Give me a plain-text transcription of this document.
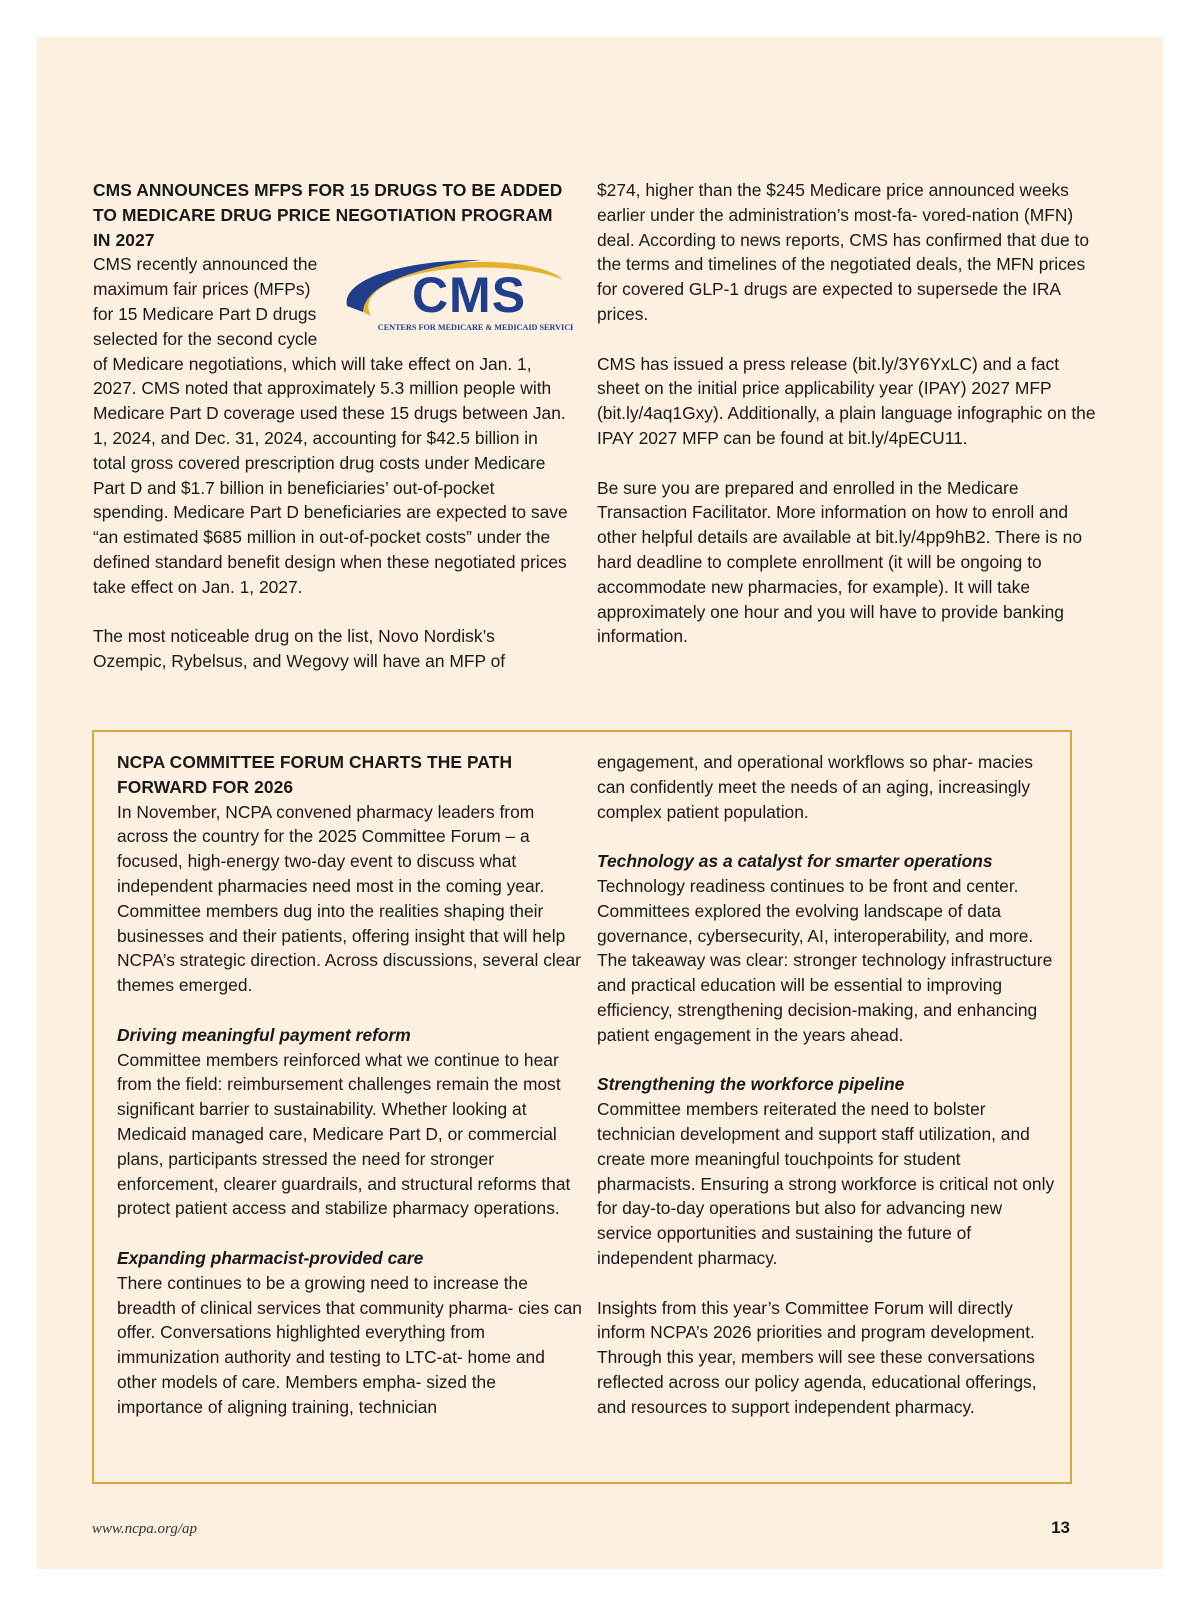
CMS ANNOUNCES MFPS FOR 15 DRUGS TO BE ADDED TO MEDICARE DRUG PRICE NEGOTIATION PROGRAM IN 2027

CMS
CENTERS FOR MEDICARE & MEDICAID SERVICES

CMS recently announced the maximum fair prices (MFPs) for 15 Medicare Part D drugs selected for the second cycle of Medicare negotiations, which will take effect on Jan. 1, 2027. CMS noted that approximately 5.3 million people with Medicare Part D coverage used these 15 drugs between Jan. 1, 2024, and Dec. 31, 2024, accounting for $42.5 billion in total gross covered prescription drug costs under Medicare Part D and $1.7 billion in beneficiaries’ out-of-pocket spending. Medicare Part D beneficiaries are expected to save “an estimated $685 million in out-of-pocket costs” under the defined standard benefit design when these negotiated prices take effect on Jan. 1, 2027.

The most noticeable drug on the list, Novo Nordisk’s Ozempic, Rybelsus, and Wegovy will have an MFP of

$274, higher than the $245 Medicare price announced weeks earlier under the administration’s most-fa- vored-nation (MFN) deal. According to news reports, CMS has confirmed that due to the terms and timelines of the negotiated deals, the MFN prices for covered GLP-1 drugs are expected to supersede the IRA prices.

CMS has issued a press release (bit.ly/3Y6YxLC) and a fact sheet on the initial price applicability year (IPAY) 2027 MFP (bit.ly/4aq1Gxy). Additionally, a plain language infographic on the IPAY 2027 MFP can be found at bit.ly/4pECU11.

Be sure you are prepared and enrolled in the Medicare Transaction Facilitator. More information on how to enroll and other helpful details are available at bit.ly/4pp9hB2. There is no hard deadline to complete enrollment (it will be ongoing to accommodate new pharmacies, for example). It will take approximately one hour and you will have to provide banking information.

NCPA COMMITTEE FORUM CHARTS THE PATH FORWARD FOR 2026

In November, NCPA convened pharmacy leaders from across the country for the 2025 Committee Forum – a focused, high-energy two-day event to discuss what independent pharmacies need most in the coming year. Committee members dug into the realities shaping their businesses and their patients, offering insight that will help NCPA’s strategic direction. Across discussions, several clear themes emerged.

Driving meaningful payment reform

Committee members reinforced what we continue to hear from the field: reimbursement challenges remain the most significant barrier to sustainability. Whether looking at Medicaid managed care, Medicare Part D, or commercial plans, participants stressed the need for stronger enforcement, clearer guardrails, and structural reforms that protect patient access and stabilize pharmacy operations.

Expanding pharmacist-provided care

There continues to be a growing need to increase the breadth of clinical services that community pharma- cies can offer. Conversations highlighted everything from immunization authority and testing to LTC-at- home and other models of care. Members empha- sized the importance of aligning training, technician

engagement, and operational workflows so phar- macies can confidently meet the needs of an aging, increasingly complex patient population.

Technology as a catalyst for smarter operations

Technology readiness continues to be front and center. Committees explored the evolving landscape of data governance, cybersecurity, AI, interoperability, and more. The takeaway was clear: stronger technology infrastructure and practical education will be essential to improving efficiency, strengthening decision-making, and enhancing patient engagement in the years ahead.

Strengthening the workforce pipeline

Committee members reiterated the need to bolster technician development and support staff utilization, and create more meaningful touchpoints for student pharmacists. Ensuring a strong workforce is critical not only for day-to-day operations but also for advancing new service opportunities and sustaining the future of independent pharmacy.

Insights from this year’s Committee Forum will directly inform NCPA’s 2026 priorities and program development. Through this year, members will see these conversations reflected across our policy agenda, educational offerings, and resources to support independent pharmacy.

www.ncpa.org/ap	13
